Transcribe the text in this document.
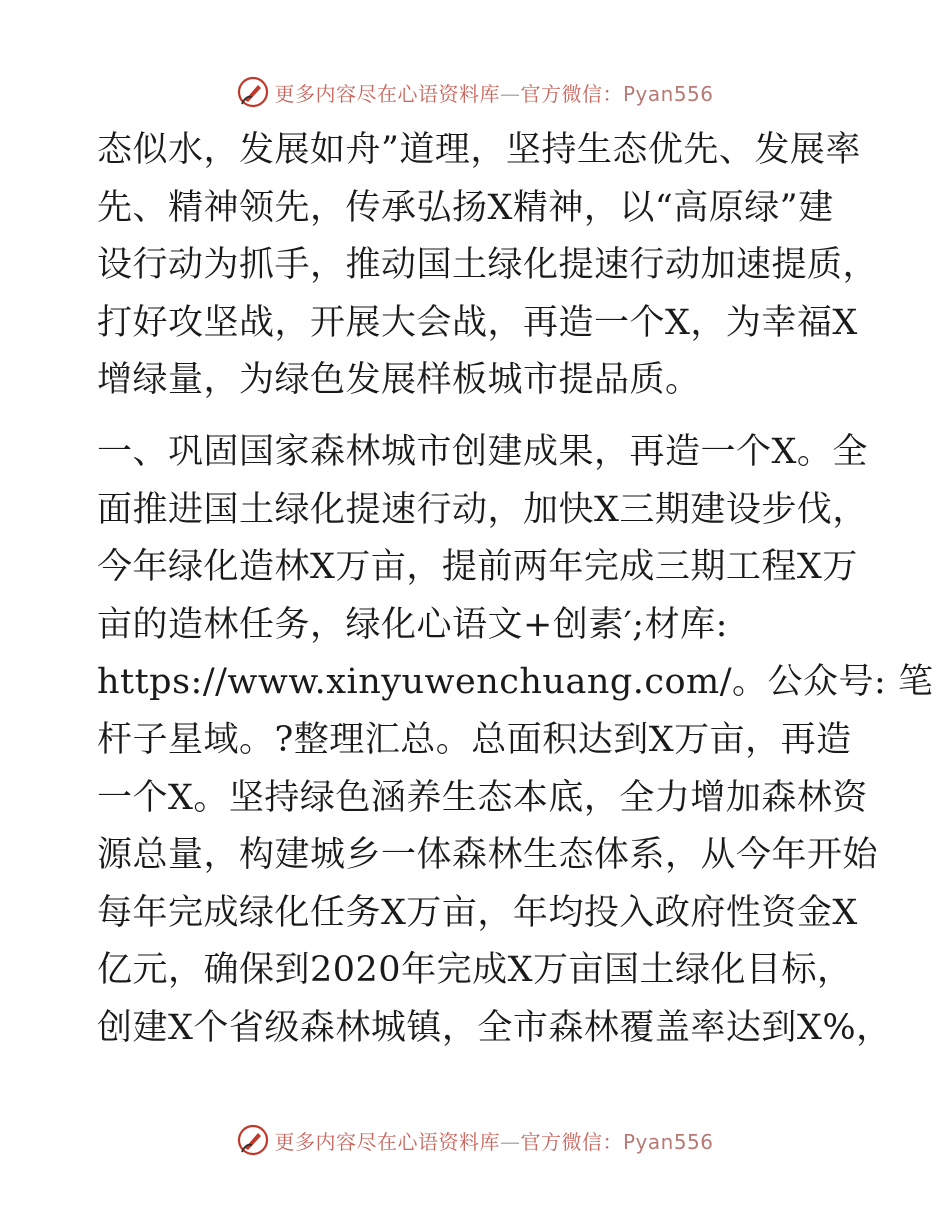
更多内容尽在心语资料库—官方微信：Pyan556
态似水，发展如舟”道理，坚持生态优先、发展率
先、精神领先，传承弘扬X精神，以“高原绿”建
设行动为抓手，推动国土绿化提速行动加速提质，
打好攻坚战，开展大会战，再造一个X，为幸福X
增绿量，为绿色发展样板城市提品质。
一、巩固国家森林城市创建成果，再造一个X。全
面推进国土绿化提速行动，加快X三期建设步伐，
今年绿化造林X万亩，提前两年完成三期工程X万
亩的造林任务，绿化心语文+创素′;材库:
https://www.xinyuwenchuang.com/。公众号: 笔
杆子星域。?整理汇总。总面积达到X万亩，再造
一个X。坚持绿色涵养生态本底，全力增加森林资
源总量，构建城乡一体森林生态体系，从今年开始
每年完成绿化任务X万亩，年均投入政府性资金X
亿元，确保到2020年完成X万亩国土绿化目标，
创建X个省级森林城镇，全市森林覆盖率达到X%，
更多内容尽在心语资料库—官方微信：Pyan556
